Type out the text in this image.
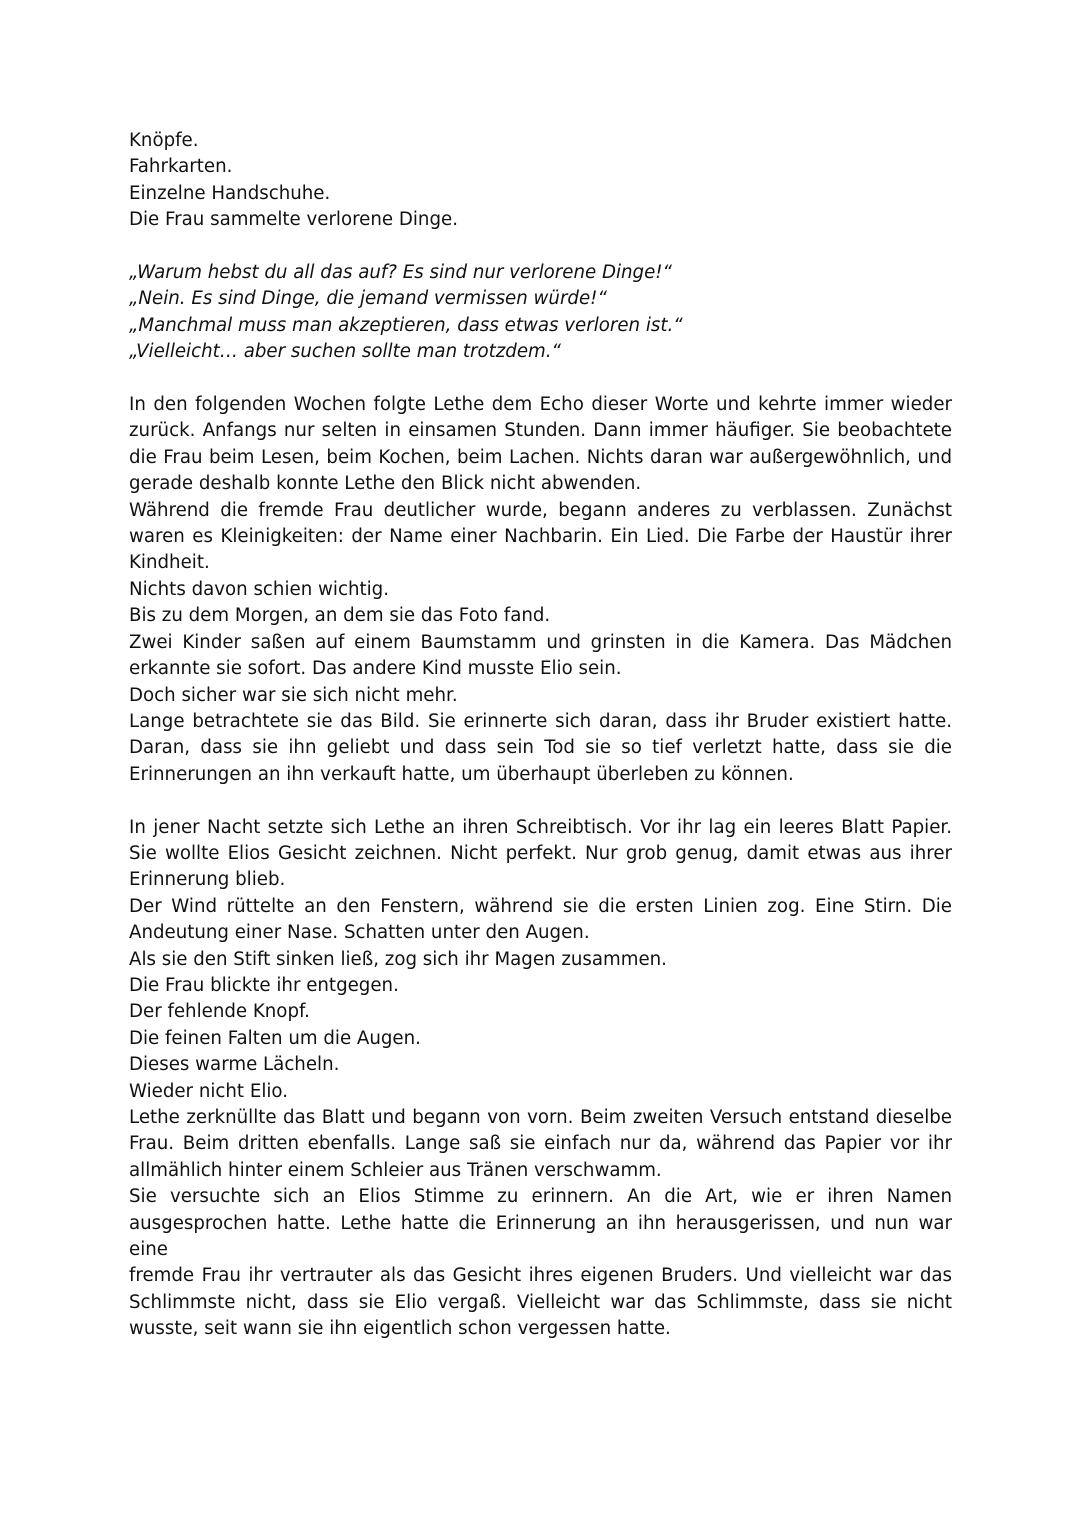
Knöpfe.
Fahrkarten.
Einzelne Handschuhe.
Die Frau sammelte verlorene Dinge.
„Warum hebst du all das auf? Es sind nur verlorene Dinge!“
„Nein. Es sind Dinge, die jemand vermissen würde!“
„Manchmal muss man akzeptieren, dass etwas verloren ist.“
„Vielleicht… aber suchen sollte man trotzdem.“
In den folgenden Wochen folgte Lethe dem Echo dieser Worte und kehrte immer wieder
zurück. Anfangs nur selten in einsamen Stunden. Dann immer häufiger. Sie beobachtete
die Frau beim Lesen, beim Kochen, beim Lachen. Nichts daran war außergewöhnlich, und
gerade deshalb konnte Lethe den Blick nicht abwenden.
Während die fremde Frau deutlicher wurde, begann anderes zu verblassen. Zunächst
waren es Kleinigkeiten: der Name einer Nachbarin. Ein Lied. Die Farbe der Haustür ihrer
Kindheit.
Nichts davon schien wichtig.
Bis zu dem Morgen, an dem sie das Foto fand.
Zwei Kinder saßen auf einem Baumstamm und grinsten in die Kamera. Das Mädchen
erkannte sie sofort. Das andere Kind musste Elio sein.
Doch sicher war sie sich nicht mehr.
Lange betrachtete sie das Bild. Sie erinnerte sich daran, dass ihr Bruder existiert hatte.
Daran, dass sie ihn geliebt und dass sein Tod sie so tief verletzt hatte, dass sie die
Erinnerungen an ihn verkauft hatte, um überhaupt überleben zu können.
In jener Nacht setzte sich Lethe an ihren Schreibtisch. Vor ihr lag ein leeres Blatt Papier.
Sie wollte Elios Gesicht zeichnen. Nicht perfekt. Nur grob genug, damit etwas aus ihrer
Erinnerung blieb.
Der Wind rüttelte an den Fenstern, während sie die ersten Linien zog. Eine Stirn. Die
Andeutung einer Nase. Schatten unter den Augen.
Als sie den Stift sinken ließ, zog sich ihr Magen zusammen.
Die Frau blickte ihr entgegen.
Der fehlende Knopf.
Die feinen Falten um die Augen.
Dieses warme Lächeln.
Wieder nicht Elio.
Lethe zerknüllte das Blatt und begann von vorn. Beim zweiten Versuch entstand dieselbe
Frau. Beim dritten ebenfalls. Lange saß sie einfach nur da, während das Papier vor ihr
allmählich hinter einem Schleier aus Tränen verschwamm.
Sie versuchte sich an Elios Stimme zu erinnern. An die Art, wie er ihren Namen
ausgesprochen hatte. Lethe hatte die Erinnerung an ihn herausgerissen, und nun war eine
fremde Frau ihr vertrauter als das Gesicht ihres eigenen Bruders. Und vielleicht war das
Schlimmste nicht, dass sie Elio vergaß. Vielleicht war das Schlimmste, dass sie nicht
wusste, seit wann sie ihn eigentlich schon vergessen hatte.
